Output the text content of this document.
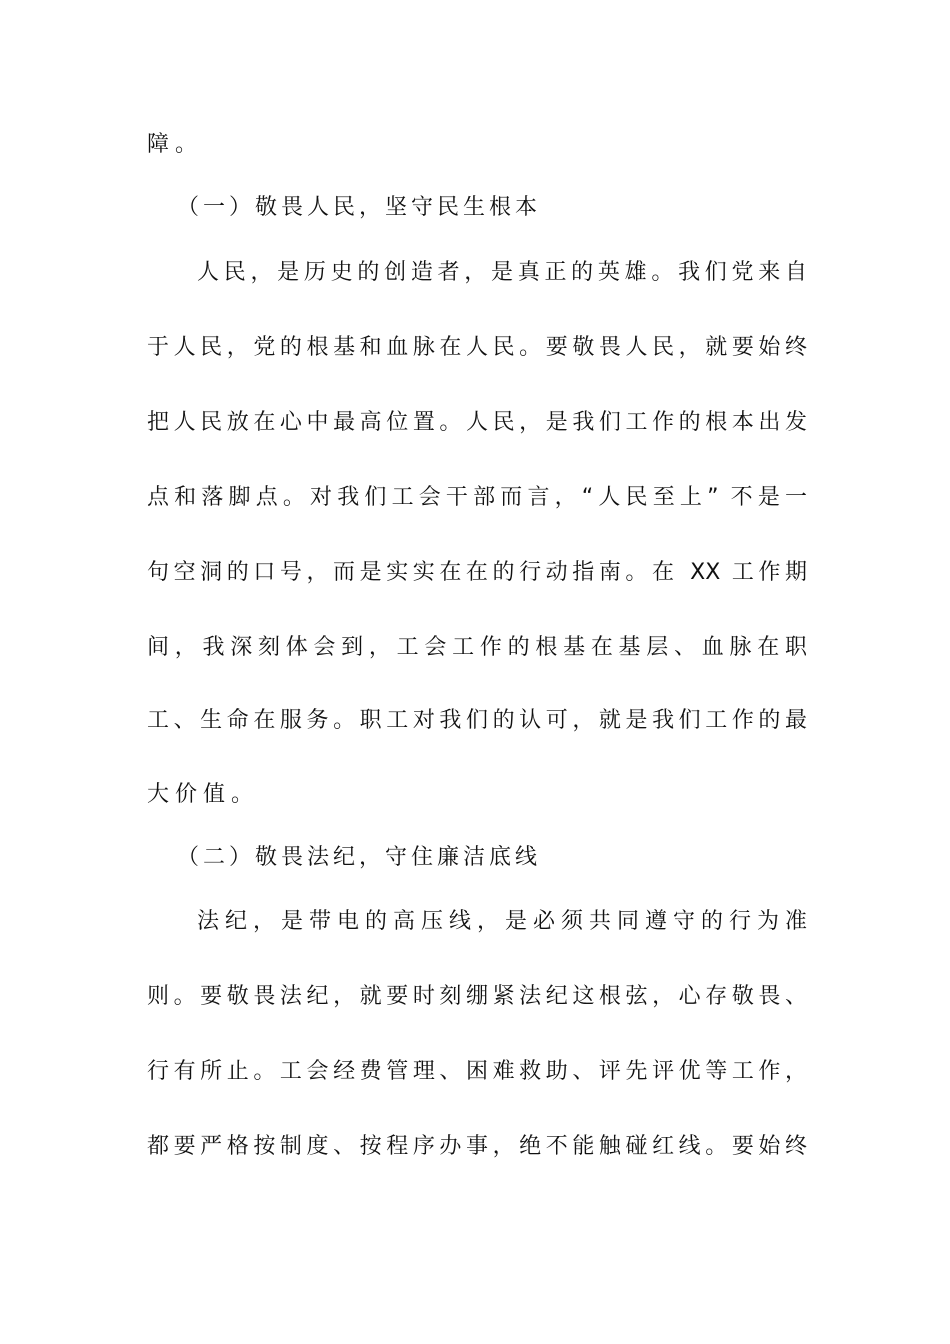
障。
（一）敬畏人民，坚守民生根本
人民，是历史的创造者，是真正的英雄。我们党来自
于人民，党的根基和血脉在人民。要敬畏人民，就要始终
把人民放在心中最高位置。人民，是我们工作的根本出发
点和落脚点。对我们工会干部而言，“人民至上” 不是一
句空洞的口号，而是实实在在的行动指南。在 XX 工作期
间，我深刻体会到，工会工作的根基在基层、血脉在职
工、生命在服务。职工对我们的认可，就是我们工作的最
大价值。
（二）敬畏法纪，守住廉洁底线
法纪，是带电的高压线，是必须共同遵守的行为准
则。要敬畏法纪，就要时刻绷紧法纪这根弦，心存敬畏、
行有所止。工会经费管理、困难救助、评先评优等工作，
都要严格按制度、按程序办事，绝不能触碰红线。要始终
